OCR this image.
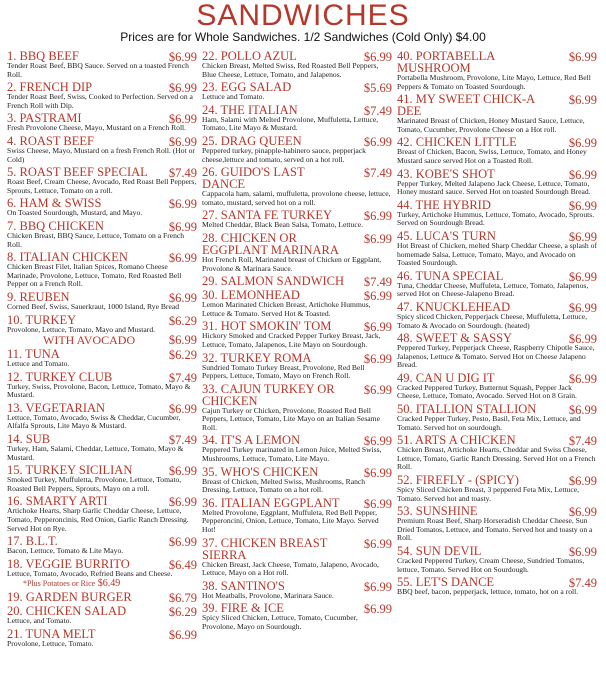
SANDWICHES
Prices are for Whole Sandwiches. 1/2 Sandwiches (Cold Only) $4.00
1. BBQ BEEF	$6.99
Tender Roast Beef, BBQ Sauce. Served on a toasted French Roll.
2. FRENCH DIP	$6.99
Tender Roast Beef, Swiss, Cooked to Perfection. Served on a French Roll with Dip.
3. PASTRAMI	$6.99
Fresh Provolone Cheese, Mayo, Mustard on a French Roll.
4. ROAST BEEF	$6.99
Swiss Cheese, Mayo, Mustard on a fresh French Roll. (Hot or Cold)
5. ROAST BEEF SPECIAL	$7.49
Roast Beef, Cream Cheese, Avocado, Red Roast Bell Peppers, Sprouts, Lettuce, Tomato on a roll.
6. HAM & SWISS	$6.99
On Toasted Sourdough, Mustard, and Mayo.
7. BBQ CHICKEN	$6.99
Chicken Breast, BBQ Sauce, Lettuce, Tomato on a French Roll.
8. ITALIAN CHICKEN	$6.99
Chicken Breast Filet, Italian Spices, Romano Cheese Marinade, Provolone, Lettuce, Tomato, Red Roasted Bell Pepper on a French Roll.
9. REUBEN	$6.99
Corned Beef, Swiss, Sauerkraut, 1000 Island, Rye Bread
10. TURKEY	$6.29
Provolone, Lettuce, Tomato, Mayo and Mustard.
WITH AVOCADO	$6.99
11. TUNA	$6.29
Lettuce and Tomato.
12. TURKEY CLUB	$7.49
Turkey, Swiss, Provolone, Bacon, Lettuce, Tomato, Mayo & Mustard.
13. VEGETARIAN	$6.99
Lettuce, Tomato, Avocado, Swiss & Cheddar, Cucumber, Alfalfa Sprouts, Lite Mayo & Mustard.
14. SUB	$7.49
Turkey, Ham, Salami, Cheddar, Lettuce, Tomato, Mayo & Mustard.
15. TURKEY SICILIAN	$6.99
Smoked Turkey, Muffuletta, Provolone, Lettuce, Tomato, Roasted Bell Peppers, Sprouts, Mayo on a roll.
16. SMARTY ARTI	$6.99
Artichoke Hearts, Sharp Garlic Cheddar Cheese, Lettuce, Tomato, Pepperoncinis, Red Onion, Garlic Ranch Dressing. Served Hot on Rye.
17. B.L.T.	$6.99
Bacon, Lettuce, Tomato & Lite Mayo.
18. VEGGIE BURRITO	$6.49
Lettuce, Tomato, Avocado, Refried Beans and Cheese.
*Plus Potatoes or Rice $6.49
19. GARDEN BURGER	$6.79
20. CHICKEN SALAD	$6.29
Lettuce, and Tomato.
21. TUNA MELT	$6.99
Provolone, Lettuce, Tomato.
22. POLLO AZUL	$6.99
Chicken Breast, Melted Swiss, Red Roasted Bell Peppers, Blue Cheese, Lettuce, Tomato, and Jalapenos.
23. EGG SALAD	$5.69
Lettuce and Tomato.
24. THE ITALIAN	$7.49
Ham, Salami with Melted Provolone, Muffuletta, Lettuce, Tomato, Lite Mayo & Mustard.
25. DRAG QUEEN	$6.99
Peppered turkey, pinapple-habinero sauce, pepperjack cheese,lettuce and tomato, served on a hot roll.
26. GUIDO'S LAST DANCE
$7.49
Cappacola ham, salami, muffuletta, provolone cheese, lettuce, tomato, mustard, served hot on a roll.
27. SANTA FE TURKEY	$6.99
Melted Cheddar, Black Bean Salsa, Tomato, Lettuce.
28. CHICKEN OR EGGPLANT MARINARA
$6.99
Hot French Roll, Marinated breast of Chicken or Eggplant, Provolone & Marinara Sauce.
29. SALMON SANDWICH	$7.49
30. LEMONHEAD	$6.99
Lemon Marinated Chicken Breast, Artichoke Hummus, Lettuce & Tomato. Served Hot & Toasted.
31. HOT SMOKIN' TOM	$6.99
Hickory Smoked and Cracked Pepper Turkey Breast, Jack, Lettuce, Tomato, Jalapenos, Lite Mayo on Sourdough.
32. TURKEY ROMA	$6.99
Sundried Tomato Turkey Breast, Provolone, Red Bell Peppers, Lettuce, Tomato, Mayo on French Roll.
33. CAJUN TURKEY OR CHICKEN
$6.99
Cajun Turkey or Chicken, Provolone, Roasted Red Bell Peppers, Lettuce, Tomato, Lite Mayo on an Italian Sesame Roll.
34. IT'S A LEMON	$6.99
Peppered Turkey marinated in Lemon Juice, Melted Swiss, Mushrooms, Lettuce, Tomato, Lite Mayo.
35. WHO'S CHICKEN	$6.99
Breast of Chicken, Melted Swiss, Mushrooms, Ranch Dressing, Lettuce, Tomato on a hot roll.
36. ITALIAN EGGPLANT	$6.99
Melted Provolone, Eggplant, Muffuleta, Red Bell Pepper, Pepperoncini, Onion, Lettuce, Tomato, Lite Mayo. Served Hot!
37. CHICKEN BREAST SIERRA
$6.99
Chicken Breast, Jack Cheese, Tomato, Jalapeno, Avocado, Lettuce, Mayo on a Hot roll.
38. SANTINO'S	$6.99
Hot Meatballs, Provolone, Marinara Sauce.
39. FIRE & ICE	$6.99
Spicy Sliced Chicken, Lettuce, Tomato, Cucumber, Provolone, Mayo on Sourdough.
40. PORTABELLA MUSHROOM
$6.99
Portabella Mushroom, Provolone, Lite Mayo, Lettuce, Red Bell Peppers & Tomato on Toasted Sourdough.
41. MY SWEET CHICK-A DEE
$6.99
Marinated Breast of Chicken, Honey Mustard Sauce, Lettuce, Tomato, Cucumber, Provolone Cheese on a Hot roll.
42. CHICKEN LITTLE	$6.99
Breast of Chicken, Bacon, Swiss, Lettuce, Tomato, and Honey Mustard sauce served Hot on a Toasted Roll.
43. KOBE'S SHOT	$6.99
Pepper Turkey, Melted Jalapeno Jack Cheese, Lettuce, Tomato, Honey mustard sauce. Served Hot on toasted Sourdough Bread.
44. THE HYBRID	$6.99
Turkey, Artichoke Hummus, Lettuce, Tomato, Avocado, Sprouts. Served on Sourdough Bread.
45. LUCA'S TURN	$6.99
Hot Breast of Chicken, melted Sharp Cheddar Cheese, a splash of homemade Salsa, Lettuce, Tomato, Mayo, and Avocado on Toasted Sourdough.
46. TUNA SPECIAL	$6.99
Tuna, Cheddar Cheese, Muffuleta, Lettuce, Tomato, Jalapenos, served Hot on Cheese-Jalapeno Bread.
47. KNUCKLEHEAD	$6.99
Spicy sliced Chicken, Pepperjack Cheese, Muffuletta, Lettuce, Tomato & Avocado on Sourdough. (heated)
48. SWEET & SASSY	$6.99
Peppered Turkey, Pepperjack Cheese, Raspberry Chipotle Sauce, Jalapenos, Lettuce & Tomato. Served Hot on Cheese Jalapeno Bread.
49. CAN U DIG IT	$6.99
Cracked Peppered Turkey, Butternut Squash, Pepper Jack Cheese, Lettuce, Tomato, Avocado. Served Hot on 8 Grain.
50. ITALLION STALLION	$6.99
Cracked Pepper Turkey, Pesto, Basil, Feta Mix, Lettuce, and Tomato. Served hot on sourdough.
51. ARTS A CHICKEN	$7.49
Chicken Breast, Artichoke Hearts, Cheddar and Swiss Cheese, Lettuce, Tomato, Garlic Ranch Dressing. Served Hot on a French Roll.
52. FIREFLY - (SPICY)	$6.99
Spicy Sliced Chicken Breast, 3 peppered Feta Mix, Lettuce, Tomato. Served hot and toasty.
53. SUNSHINE	$6.99
Premium Roast Beef, Sharp Horseradish Cheddar Cheese, Sun Dried Tomatos, Lettuce, and Tomato. Served hot and toasty on a Roll.
54. SUN DEVIL	$6.99
Cracked Peppered Turkey, Cream Cheese, Sundried Tomatos, lettuce, Tomato. Served Hot on Sourdough.
55. LET'S DANCE	$7.49
BBQ beef, bacon, pepperjack, lettuce, tomato, hot on a roll.
